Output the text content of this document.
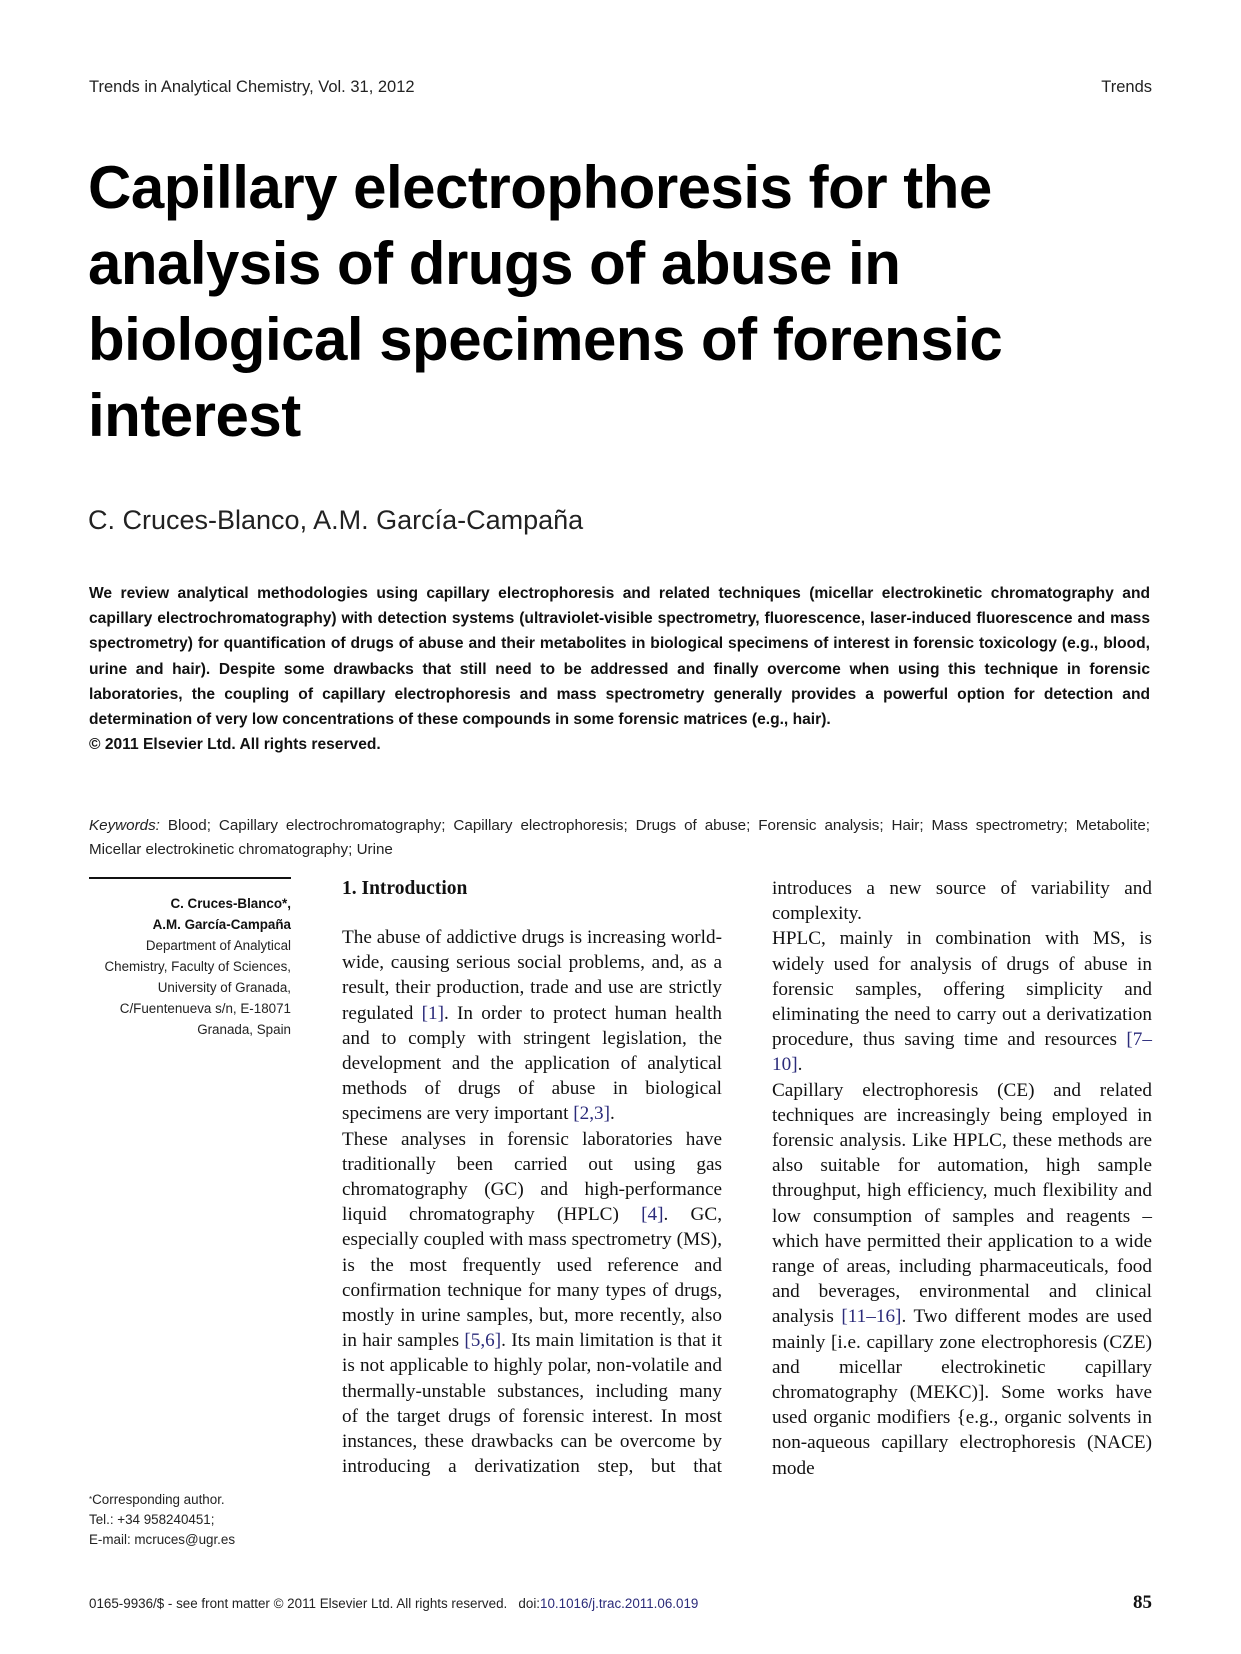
Trends in Analytical Chemistry, Vol. 31, 2012	Trends
Capillary electrophoresis for the
analysis of drugs of abuse in
biological specimens of forensic
interest
C. Cruces-Blanco, A.M. García-Campaña
We review analytical methodologies using capillary electrophoresis and related techniques (micellar electrokinetic chromatography and capillary electrochromatography) with detection systems (ultraviolet-visible spectrometry, fluorescence, laser-induced fluorescence and mass spectrometry) for quantification of drugs of abuse and their metabolites in biological specimens of interest in forensic toxicology (e.g., blood, urine and hair). Despite some drawbacks that still need to be addressed and finally overcome when using this technique in forensic laboratories, the coupling of capillary electrophoresis and mass spectrometry generally provides a powerful option for detection and determination of very low concentrations of these compounds in some forensic matrices (e.g., hair).
© 2011 Elsevier Ltd. All rights reserved.
Keywords: Blood; Capillary electrochromatography; Capillary electrophoresis; Drugs of abuse; Forensic analysis; Hair; Mass spectrometry; Metabolite; Micellar electrokinetic chromatography; Urine
C. Cruces-Blanco*,
A.M. García-Campaña
Department of Analytical
Chemistry, Faculty of Sciences,
University of Granada,
C/Fuentenueva s/n, E-18071
Granada, Spain
*Corresponding author.
Tel.: +34 958240451;
E-mail: mcruces@ugr.es
0165-9936/$ - see front matter © 2011 Elsevier Ltd. All rights reserved. doi:10.1016/j.trac.2011.06.019	85
1. Introduction

The abuse of addictive drugs is increasing world-wide, causing serious social problems, and, as a result, their production, trade and use are strictly regulated [1]. In order to protect human health and to comply with stringent legislation, the development and the application of analytical methods of drugs of abuse in biological specimens are very important [2,3].

These analyses in forensic laboratories have traditionally been carried out using gas chromatography (GC) and high-performance liquid chromatography (HPLC) [4]. GC, especially coupled with mass spectrometry (MS), is the most frequently used reference and confirmation technique for many types of drugs, mostly in urine samples, but, more recently, also in hair samples [5,6]. Its main limitation is that it is not applicable to highly polar, non-volatile and thermally-unstable substances, including many of the target drugs of forensic interest. In most instances, these drawbacks can be overcome by introducing a derivatization step, but that introduces a new source of variability and complexity.

HPLC, mainly in combination with MS, is widely used for analysis of drugs of abuse in forensic samples, offering simplicity and eliminating the need to carry out a derivatization procedure, thus saving time and resources [7–10].

Capillary electrophoresis (CE) and related techniques are increasingly being employed in forensic analysis. Like HPLC, these methods are also suitable for automation, high sample throughput, high efficiency, much flexibility and low consumption of samples and reagents – which have permitted their application to a wide range of areas, including pharmaceuticals, food and beverages, environmental and clinical analysis [11–16]. Two different modes are used mainly [i.e. capillary zone electrophoresis (CZE) and micellar electrokinetic capillary chromatography (MEKC)]. Some works have used organic modifiers {e.g., organic solvents in non-aqueous capillary electrophoresis (NACE) mode
